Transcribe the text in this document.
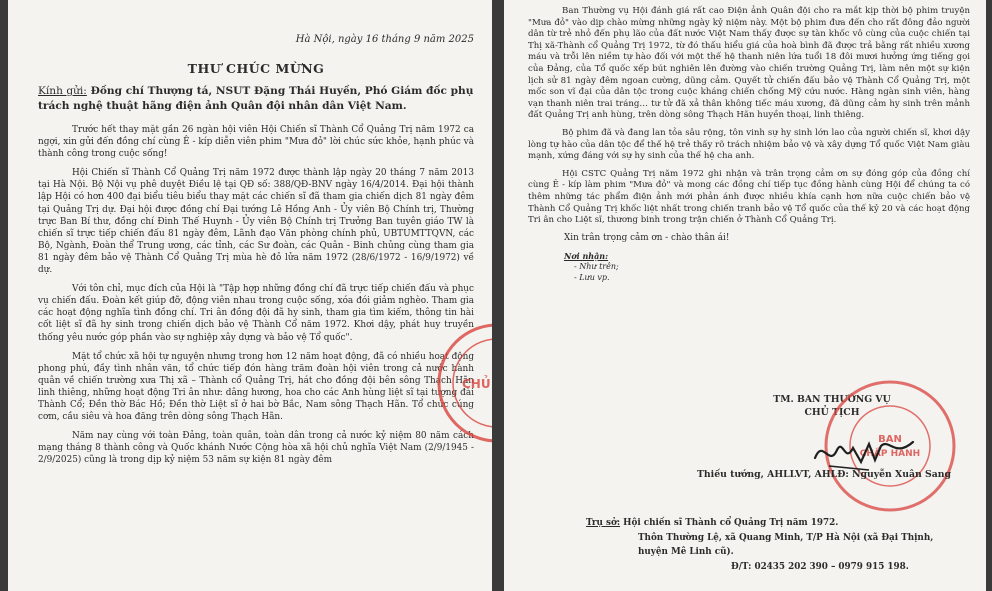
Hà Nội, ngày 16 tháng 9 năm 2025
THƯ CHÚC MỪNG
Kính gửi: Đồng chí Thượng tá, NSUT Đặng Thái Huyền, Phó Giám đốc phụ trách nghệ thuật hãng điện ảnh Quân đội nhân dân Việt Nam.

Trước hết thay mặt gần 26 ngàn hội viên Hội Chiến sĩ Thành Cổ Quảng Trị năm 1972 ca ngợi, xin gửi đến đồng chí cùng Ê - kíp diễn viên phim "Mưa đỏ" lời chúc sức khỏe, hạnh phúc và thành công trong cuộc sống!

Hội Chiến sĩ Thành Cổ Quảng Trị năm 1972 được thành lập ngày 20 tháng 7 năm 2013 tại Hà Nội. Bộ Nội vụ phê duyệt Điều lệ tại QĐ số: 388/QĐ-BNV ngày 16/4/2014. Đại hội thành lập Hội có hơn 400 đại biểu tiêu biểu thay mặt các chiến sĩ đã tham gia chiến dịch 81 ngày đêm tại Quảng Trị dự. Đại hội được đồng chí Đại tướng Lê Hồng Anh - Ủy viên Bộ Chính trị, Thường trực Ban Bí thư, đồng chí Đinh Thế Huynh - Ủy viên Bộ Chính trị Trưởng Ban tuyên giáo TW là chiến sĩ trực tiếp chiến đấu 81 ngày đêm, Lãnh đạo Văn phòng chính phủ, UBTUMTTQVN, các Bộ, Ngành, Đoàn thể Trung ương, các tỉnh, các Sư đoàn, các Quân - Binh chủng cùng tham gia 81 ngày đêm bảo vệ Thành Cổ Quảng Trị mùa hè đỏ lửa năm 1972 (28/6/1972 - 16/9/1972) về dự.

Với tôn chỉ, mục đích của Hội là "Tập hợp những đồng chí đã trực tiếp chiến đấu và phục vụ chiến đấu. Đoàn kết giúp đỡ, động viên nhau trong cuộc sống, xóa đói giảm nghèo. Tham gia các hoạt động nghĩa tình đồng chí. Tri ân đồng đội đã hy sinh, tham gia tìm kiếm, thông tin hài cốt liệt sĩ đã hy sinh trong chiến dịch bảo vệ Thành Cổ năm 1972. Khơi dậy, phát huy truyền thống yêu nước góp phần vào sự nghiệp xây dựng và bảo vệ Tổ quốc".

Mặt tổ chức xã hội tự nguyện nhưng trong hơn 12 năm hoạt động, đã có nhiều hoạt động phong phú, đầy tình nhân văn, tổ chức tiếp đón hàng trăm đoàn hội viên trong cả nước hành quân về chiến trường xưa Thị xã – Thành cổ Quảng Trị, hát cho đồng đội bên sông Thạch Hãn linh thiêng, những hoạt động Tri ân như: dâng hương, hoa cho các Anh hùng liệt sĩ tại tượng đài Thành Cổ; Đền thờ Bác Hồ; Đền thờ Liệt sĩ ở hai bờ Bắc, Nam sông Thạch Hãn. Tổ chức cúng cơm, cầu siêu và hoa đăng trên dòng sông Thạch Hãn.

Năm nay cùng với toàn Đảng, toàn quân, toàn dân trong cả nước kỷ niệm 80 năm cách mạng tháng 8 thành công và Quốc khánh Nước Cộng hòa xã hội chủ nghĩa Việt Nam (2/9/1945 - 2/9/2025) cũng là trong dịp kỷ niệm 53 năm sự kiện 81 ngày đêm

CHỦ

Ban Thường vụ Hội đánh giá rất cao Điện ảnh Quân đội cho ra mắt kịp thời bộ phim truyện "Mưa đỏ" vào dịp chào mừng những ngày kỷ niệm này. Một bộ phim đưa đến cho rất đông đảo người dân từ trẻ nhỏ đến phụ lão của đất nước Việt Nam thấy được sự tàn khốc vô cùng của cuộc chiến tại Thị xã-Thành cổ Quảng Trị 1972, từ đó thấu hiểu giá của hoà bình đã được trả bằng rất nhiều xương máu và trỗi lên niềm tự hào đối với một thế hệ thanh niên lứa tuổi 18 đôi mươi hưởng ứng tiếng gọi của Đảng, của Tổ quốc xếp bút nghiên lên đường vào chiến trường Quảng Trị, làm nên một sự kiện lịch sử 81 ngày đêm ngoan cường, dũng cảm. Quyết tử chiến đấu bảo vệ Thành Cổ Quảng Trị, một mốc son vĩ đại của dân tộc trong cuộc kháng chiến chống Mỹ cứu nước. Hàng ngàn sinh viên, hàng vạn thanh niên trai tráng… tư tử đã xả thân không tiếc máu xương, đã dũng cảm hy sinh trên mảnh đất Quảng Trị anh hùng, trên dòng sông Thạch Hãn huyền thoại, linh thiêng.

Bộ phim đã và đang lan tỏa sâu rộng, tôn vinh sự hy sinh lớn lao của người chiến sĩ, khơi dậy lòng tự hào của dân tộc để thế hệ trẻ thấy rõ trách nhiệm bảo vệ và xây dựng Tổ quốc Việt Nam giàu mạnh, xứng đáng với sự hy sinh của thế hệ cha anh.

Hội CSTC Quảng Trị năm 1972 ghi nhận và trân trọng cảm ơn sự đóng góp của đồng chí cùng Ê - kíp làm phim "Mưa đỏ" và mong các đồng chí tiếp tục đồng hành cùng Hội để chúng ta có thêm những tác phẩm điện ảnh mới phản ánh được nhiều khía cạnh hơn nữa cuộc chiến bảo vệ Thành Cổ Quảng Trị khốc liệt nhất trong chiến tranh bảo vệ Tổ quốc của thế kỷ 20 và các hoạt động Tri ân cho Liệt sĩ, thương binh trong trận chiến ở Thành Cổ Quảng Trị.

Xin trân trọng cảm ơn - chào thân ái!
Nơi nhận:
- Như trên;
- Lưu vp.
TM. BAN THƯỜNG VỤ
CHỦ TỊCH
BAN
CHẤP HÀNH
Thiếu tướng, AHLLVT, AHLĐ: Nguyễn Xuân Sang
Trụ sở: Hội chiến sĩ Thành cổ Quảng Trị năm 1972.
Thôn Thường Lệ, xã Quang Minh, T/P Hà Nội (xã Đại Thịnh, huyện Mê Linh cũ).
Đ/T: 02435 202 390 – 0979 915 198.
